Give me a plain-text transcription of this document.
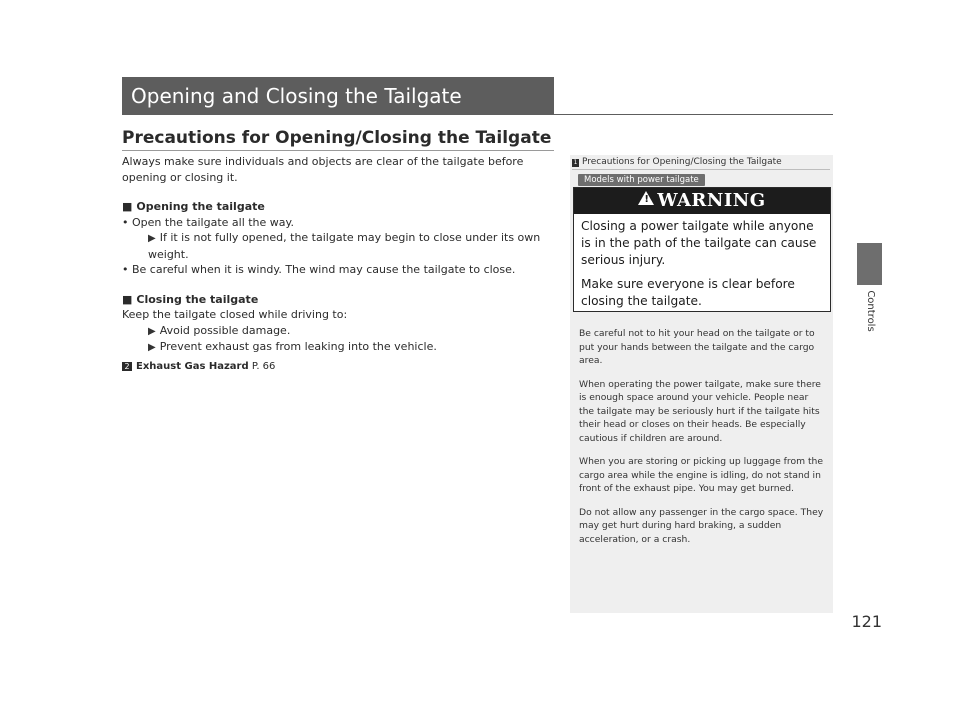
Opening and Closing the Tailgate
Controls
Precautions for Opening/Closing the Tailgate

Always make sure individuals and objects are clear of the tailgate before opening or closing it.

■ Opening the tailgate

• Open the tailgate all the way.

▶ If it is not fully opened, the tailgate may begin to close under its own weight.

• Be careful when it is windy. The wind may cause the tailgate to close.

■ Closing the tailgate

Keep the tailgate closed while driving to:

▶ Avoid possible damage.

▶ Prevent exhaust gas from leaking into the vehicle.

2 Exhaust Gas Hazard P. 66

1 Precautions for Opening/Closing the Tailgate
Models with power tailgate
! WARNING

Closing a power tailgate while anyone is in the path of the tailgate can cause serious injury.

Make sure everyone is clear before closing the tailgate.

Be careful not to hit your head on the tailgate or to put your hands between the tailgate and the cargo area.

When operating the power tailgate, make sure there is enough space around your vehicle. People near the tailgate may be seriously hurt if the tailgate hits their head or closes on their heads. Be especially cautious if children are around.

When you are storing or picking up luggage from the cargo area while the engine is idling, do not stand in front of the exhaust pipe. You may get burned.

Do not allow any passenger in the cargo space. They may get hurt during hard braking, a sudden acceleration, or a crash.

121
